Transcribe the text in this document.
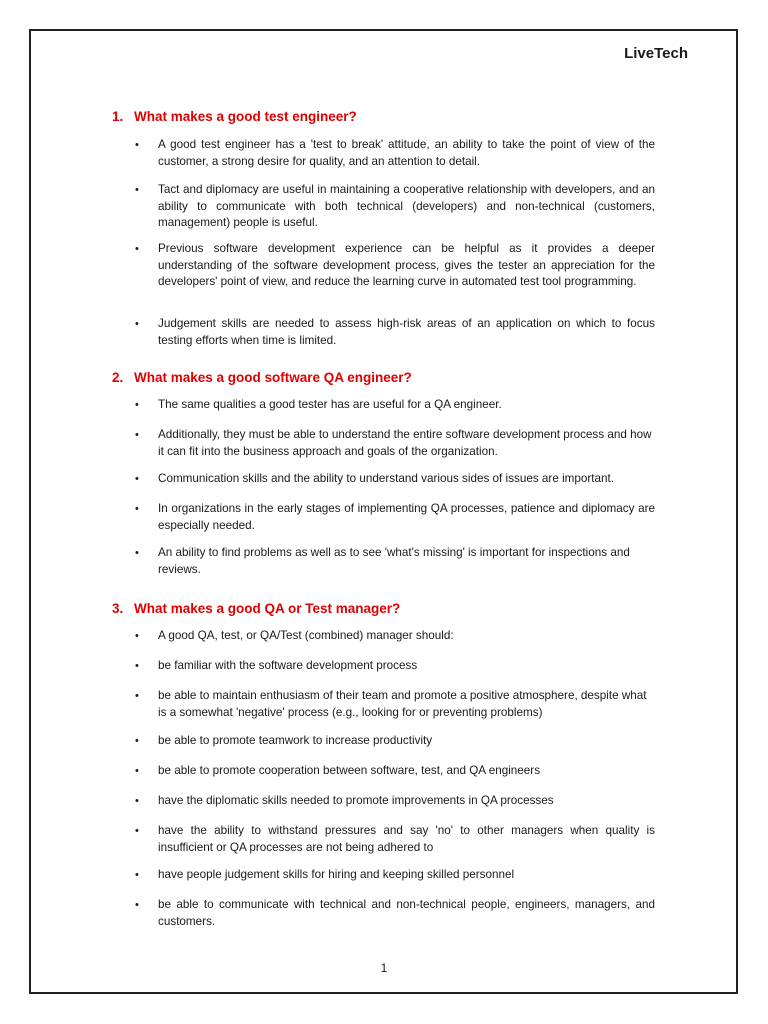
LiveTech

1. What makes a good test engineer?
•	A good test engineer has a 'test to break' attitude, an ability to take the point of view of the customer, a strong desire for quality, and an attention to detail.
•	Tact and diplomacy are useful in maintaining a cooperative relationship with developers, and an ability to communicate with both technical (developers) and non-technical (customers, management) people is useful.
•	Previous software development experience can be helpful as it provides a deeper understanding of the software development process, gives the tester an appreciation for the developers' point of view, and reduce the learning curve in automated test tool programming.
•	Judgement skills are needed to assess high-risk areas of an application on which to focus testing efforts when time is limited.
2. What makes a good software QA engineer?
•	The same qualities a good tester has are useful for a QA engineer.
•	Additionally, they must be able to understand the entire software development process and how it can fit into the business approach and goals of the organization.
•	Communication skills and the ability to understand various sides of issues are important.
•	In organizations in the early stages of implementing QA processes, patience and diplomacy are especially needed.
•	An ability to find problems as well as to see 'what's missing' is important for inspections and reviews.
3. What makes a good QA or Test manager?
•	A good QA, test, or QA/Test (combined) manager should:
•	be familiar with the software development process
•	be able to maintain enthusiasm of their team and promote a positive atmosphere, despite what is a somewhat 'negative' process (e.g., looking for or preventing problems)
•	be able to promote teamwork to increase productivity
•	be able to promote cooperation between software, test, and QA engineers
•	have the diplomatic skills needed to promote improvements in QA processes
•	have the ability to withstand pressures and say 'no' to other managers when quality is insufficient or QA processes are not being adhered to
•	have people judgement skills for hiring and keeping skilled personnel
•	be able to communicate with technical and non-technical people, engineers, managers, and customers.

1
